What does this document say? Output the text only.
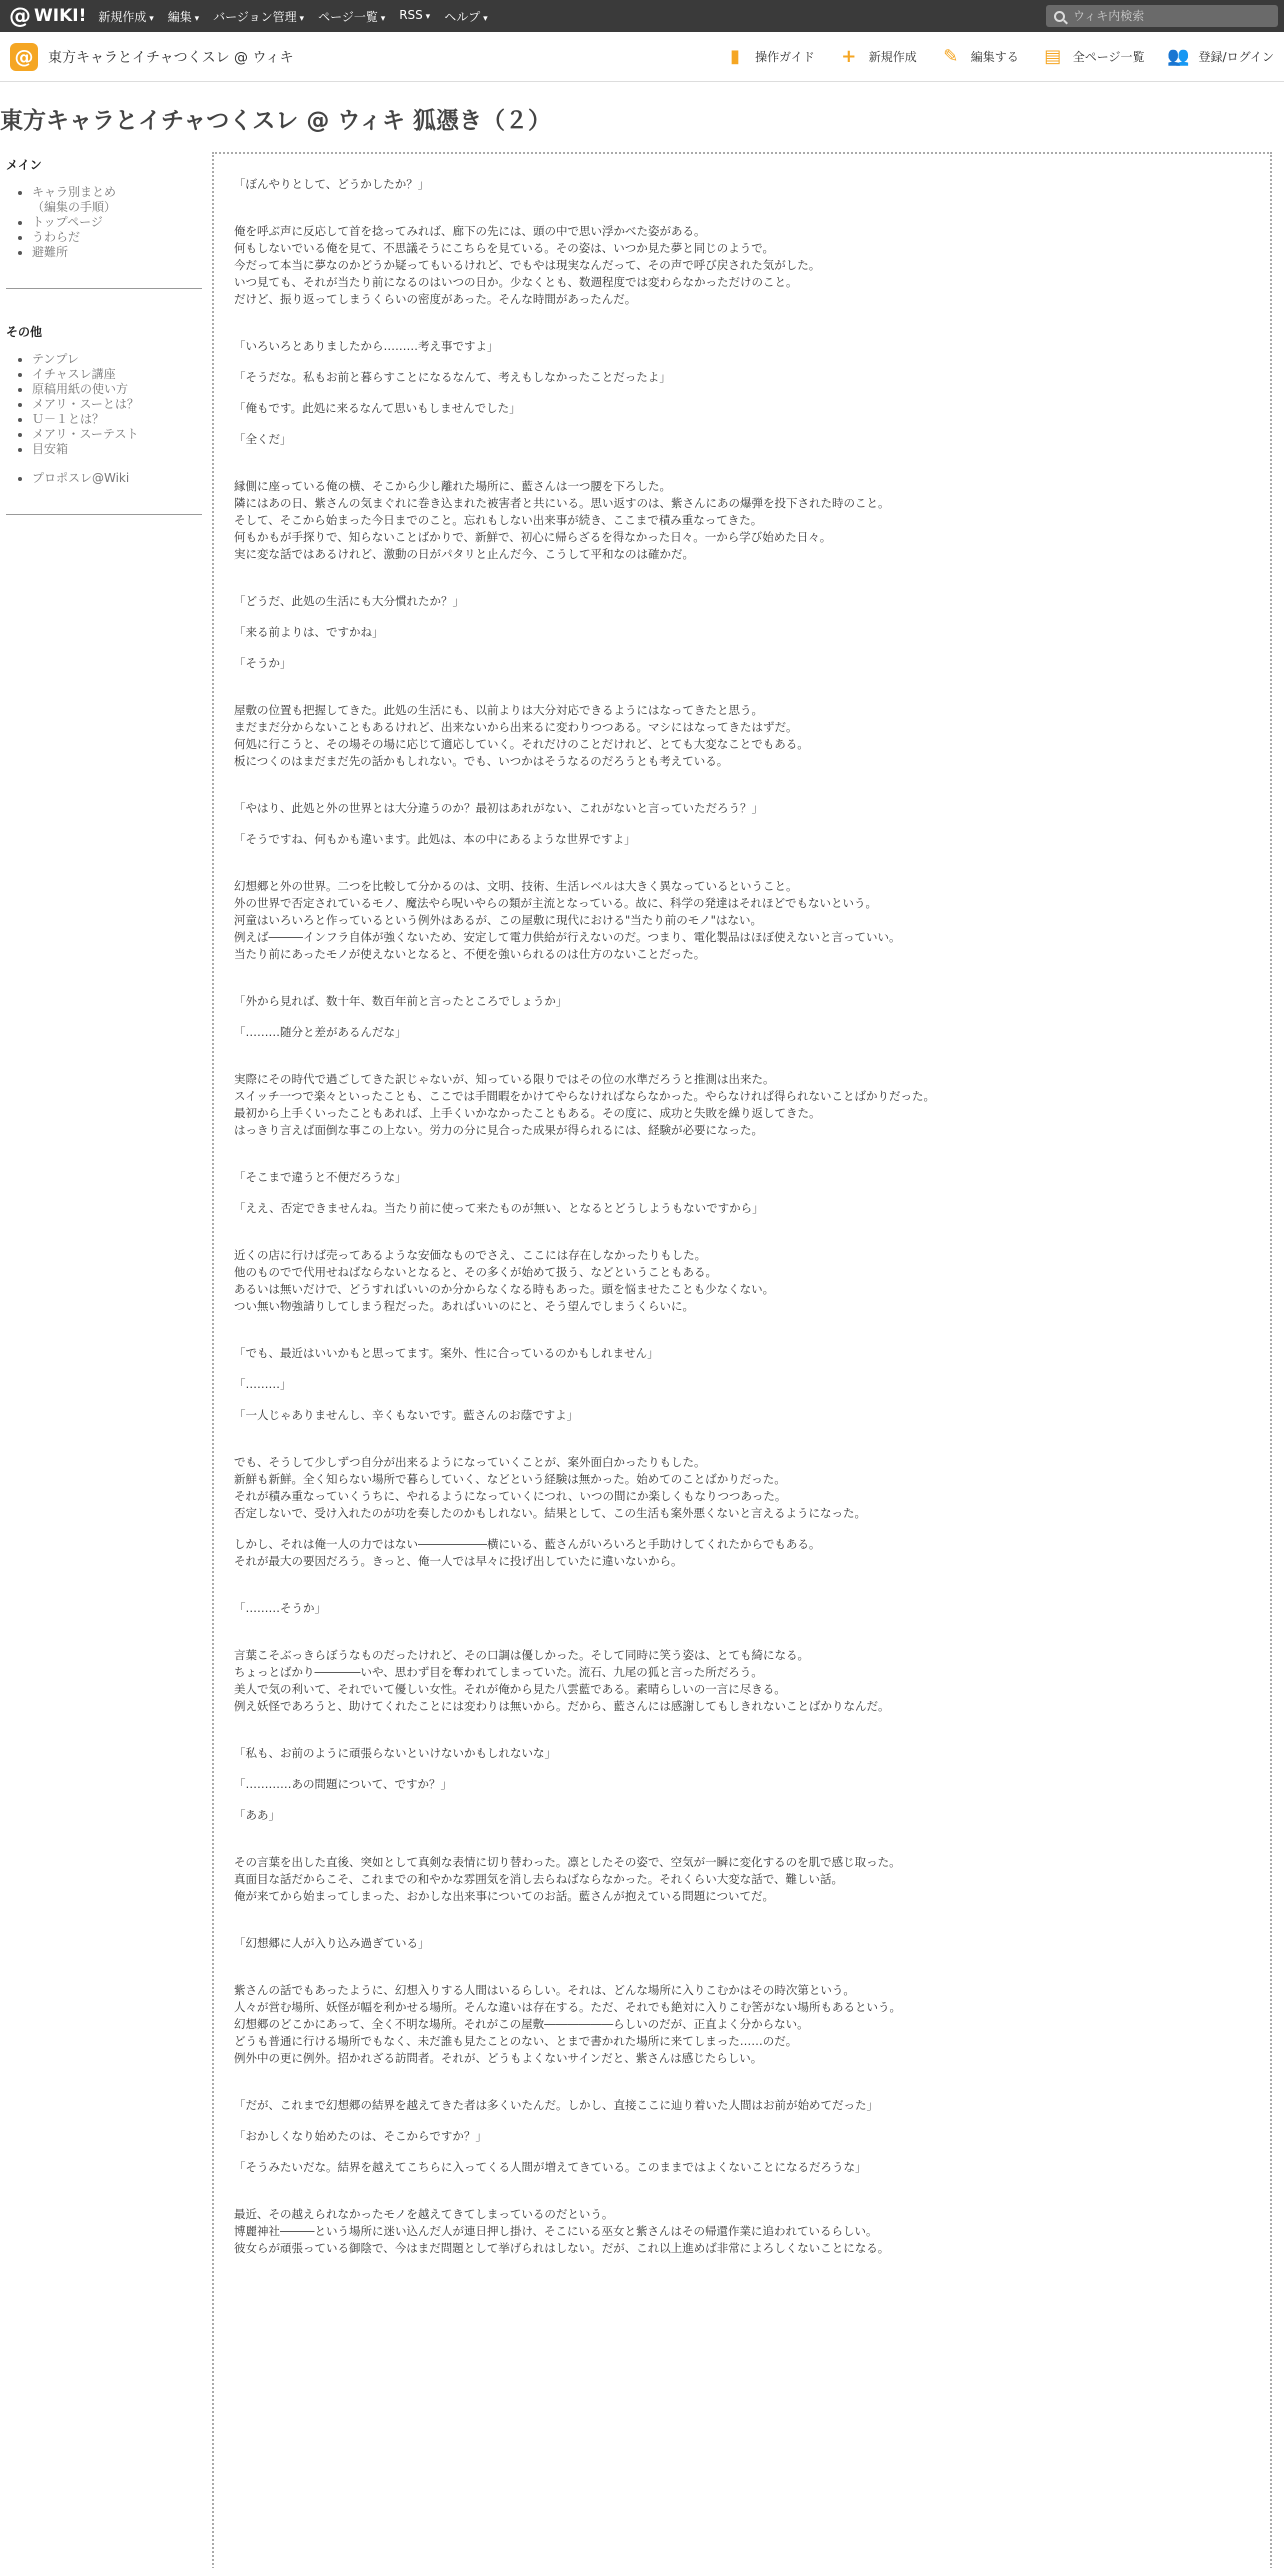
@ WIKI! 新規作成 ▾	編集 ▾	バージョン管理 ▾	ページ一覧 ▾	RSS ▾	ヘルプ ▾
ウィキ内検索
@	東方キャラとイチャつくスレ @ ウィキ	▮	操作ガイド + 新規作成 ✎ 編集する ▤ 全ページ一覧 👥 登録/ログイン
東方キャラとイチャつくスレ @ ウィキ 狐憑き（２）
メイン
• キャラ別まとめ
（編集の手順）
• トップページ
• うわらだ
• 避難所
その他
• テンプレ
• イチャスレ講座
• 原稿用紙の使い方
• メアリ・スーとは？
• Ｕ－１とは？
• メアリ・スーテスト
• 目安箱
• プロポスレ@Wiki

「ぼんやりとして、どうかしたか？」

俺を呼ぶ声に反応して首を捻ってみれば、廊下の先には、頭の中で思い浮かべた姿がある。

何もしないでいる俺を見て、不思議そうにこちらを見ている。その姿は、いつか見た夢と同じのようで。

今だって本当に夢なのかどうか疑ってもいるけれど、でもやは現実なんだって、その声で呼び戻された気がした。

いつ見ても、それが当たり前になるのはいつの日か。少なくとも、数週程度では変わらなかっただけのこと。

だけど、振り返ってしまうくらいの密度があった。そんな時間があったんだ。

「いろいろとありましたから………考え事ですよ」

「そうだな。私もお前と暮らすことになるなんて、考えもしなかったことだったよ」

「俺もです。此処に来るなんて思いもしませんでした」

「全くだ」

縁側に座っている俺の横、そこから少し離れた場所に、藍さんは一つ腰を下ろした。

隣にはあの日、紫さんの気まぐれに巻き込まれた被害者と共にいる。思い返すのは、紫さんにあの爆弾を投下された時のこと。

そして、そこから始まった今日までのこと。忘れもしない出来事が続き、ここまで積み重なってきた。

何もかもが手探りで、知らないことばかりで、新鮮で、初心に帰らざるを得なかった日々。一から学び始めた日々。

実に変な話ではあるけれど、激動の日がパタリと止んだ今、こうして平和なのは確かだ。

「どうだ、此処の生活にも大分慣れたか？」

「来る前よりは、ですかね」

「そうか」

屋敷の位置も把握してきた。此処の生活にも、以前よりは大分対応できるようにはなってきたと思う。

まだまだ分からないこともあるけれど、出来ないから出来るに変わりつつある。マシにはなってきたはずだ。

何処に行こうと、その場その場に応じて適応していく。それだけのことだけれど、とても大変なことでもある。

板につくのはまだまだ先の話かもしれない。でも、いつかはそうなるのだろうとも考えている。

「やはり、此処と外の世界とは大分違うのか？最初はあれがない、これがないと言っていただろう？」

「そうですね、何もかも違います。此処は、本の中にあるような世界ですよ」

幻想郷と外の世界。二つを比較して分かるのは、文明、技術、生活レベルは大きく異なっているということ。

外の世界で否定されているモノ、魔法やら呪いやらの類が主流となっている。故に、科学の発達はそれほどでもないという。

河童はいろいろと作っているという例外はあるが、この屋敷に現代における"当たり前のモノ"はない。

例えば―――インフラ自体が強くないため、安定して電力供給が行えないのだ。つまり、電化製品はほぼ使えないと言っていい。

当たり前にあったモノが使えないとなると、不便を強いられるのは仕方のないことだった。

「外から見れば、数十年、数百年前と言ったところでしょうか」

「………随分と差があるんだな」

実際にその時代で過ごしてきた訳じゃないが、知っている限りではその位の水準だろうと推測は出来た。

スイッチ一つで楽々といったことも、ここでは手間暇をかけてやらなければならなかった。やらなければ得られないことばかりだった。

最初から上手くいったこともあれば、上手くいかなかったこともある。その度に、成功と失敗を繰り返してきた。

はっきり言えば面倒な事この上ない。労力の分に見合った成果が得られるには、経験が必要になった。

「そこまで違うと不便だろうな」

「ええ、否定できませんね。当たり前に使って来たものが無い、となるとどうしようもないですから」

近くの店に行けば売ってあるような安価なものでさえ、ここには存在しなかったりもした。

他のものでで代用せねばならないとなると、その多くが始めて扱う、などということもある。

あるいは無いだけで、どうすればいいのか分からなくなる時もあった。頭を悩ませたことも少なくない。

つい無い物強請りしてしまう程だった。あればいいのにと、そう望んでしまうくらいに。

「でも、最近はいいかもと思ってます。案外、性に合っているのかもしれません」

「………」

「一人じゃありませんし、辛くもないです。藍さんのお蔭ですよ」

でも、そうして少しずつ自分が出来るようになっていくことが、案外面白かったりもした。

新鮮も新鮮。全く知らない場所で暮らしていく、などという経験は無かった。始めてのことばかりだった。

それが積み重なっていくうちに、やれるようになっていくにつれ、いつの間にか楽しくもなりつつあった。

否定しないで、受け入れたのが功を奏したのかもしれない。結果として、この生活も案外悪くないと言えるようになった。

しかし、それは俺一人の力ではない――――――横にいる、藍さんがいろいろと手助けしてくれたからでもある。

それが最大の要因だろう。きっと、俺一人では早々に投げ出していたに違いないから。

「………そうか」

言葉こそぶっきらぼうなものだったけれど、その口調は優しかった。そして同時に笑う姿は、とても綺になる。

ちょっとばかり――――いや、思わず目を奪われてしまっていた。流石、九尾の狐と言った所だろう。

美人で気の利いて、それでいて優しい女性。それが俺から見た八雲藍である。素晴らしいの一言に尽きる。

例え妖怪であろうと、助けてくれたことには変わりは無いから。だから、藍さんには感謝してもしきれないことばかりなんだ。

「私も、お前のように頑張らないといけないかもしれないな」

「…………あの問題について、ですか？」

「ああ」

その言葉を出した直後、突如として真剣な表情に切り替わった。凛としたその姿で、空気が一瞬に変化するのを肌で感じ取った。

真面目な話だからこそ、これまでの和やかな雰囲気を消し去らねばならなかった。それくらい大変な話で、難しい話。

俺が来てから始まってしまった、おかしな出来事についてのお話。藍さんが抱えている問題についてだ。

「幻想郷に人が入り込み過ぎている」

紫さんの話でもあったように、幻想入りする人間はいるらしい。それは、どんな場所に入りこむかはその時次第という。

人々が営む場所、妖怪が幅を利かせる場所。そんな違いは存在する。ただ、それでも絶対に入りこむ筈がない場所もあるという。

幻想郷のどこかにあって、全く不明な場所。それがこの屋敷――――――らしいのだが、正直よく分からない。

どうも普通に行ける場所でもなく、未だ誰も見たことのない、とまで書かれた場所に来てしまった……のだ。

例外中の更に例外。招かれざる訪問者。それが、どうもよくないサインだと、紫さんは感じたらしい。

「だが、これまで幻想郷の結界を越えてきた者は多くいたんだ。しかし、直接ここに辿り着いた人間はお前が始めてだった」

「おかしくなり始めたのは、そこからですか？」

「そうみたいだな。結界を越えてこちらに入ってくる人間が増えてきている。このままではよくないことになるだろうな」

最近、その越えられなかったモノを越えてきてしまっているのだという。

博麗神社―――という場所に迷い込んだ人が連日押し掛け、そこにいる巫女と紫さんはその帰還作業に追われているらしい。

彼女らが頑張っている御陰で、今はまだ問題として挙げられはしない。だが、これ以上進めば非常によろしくないことになる。
